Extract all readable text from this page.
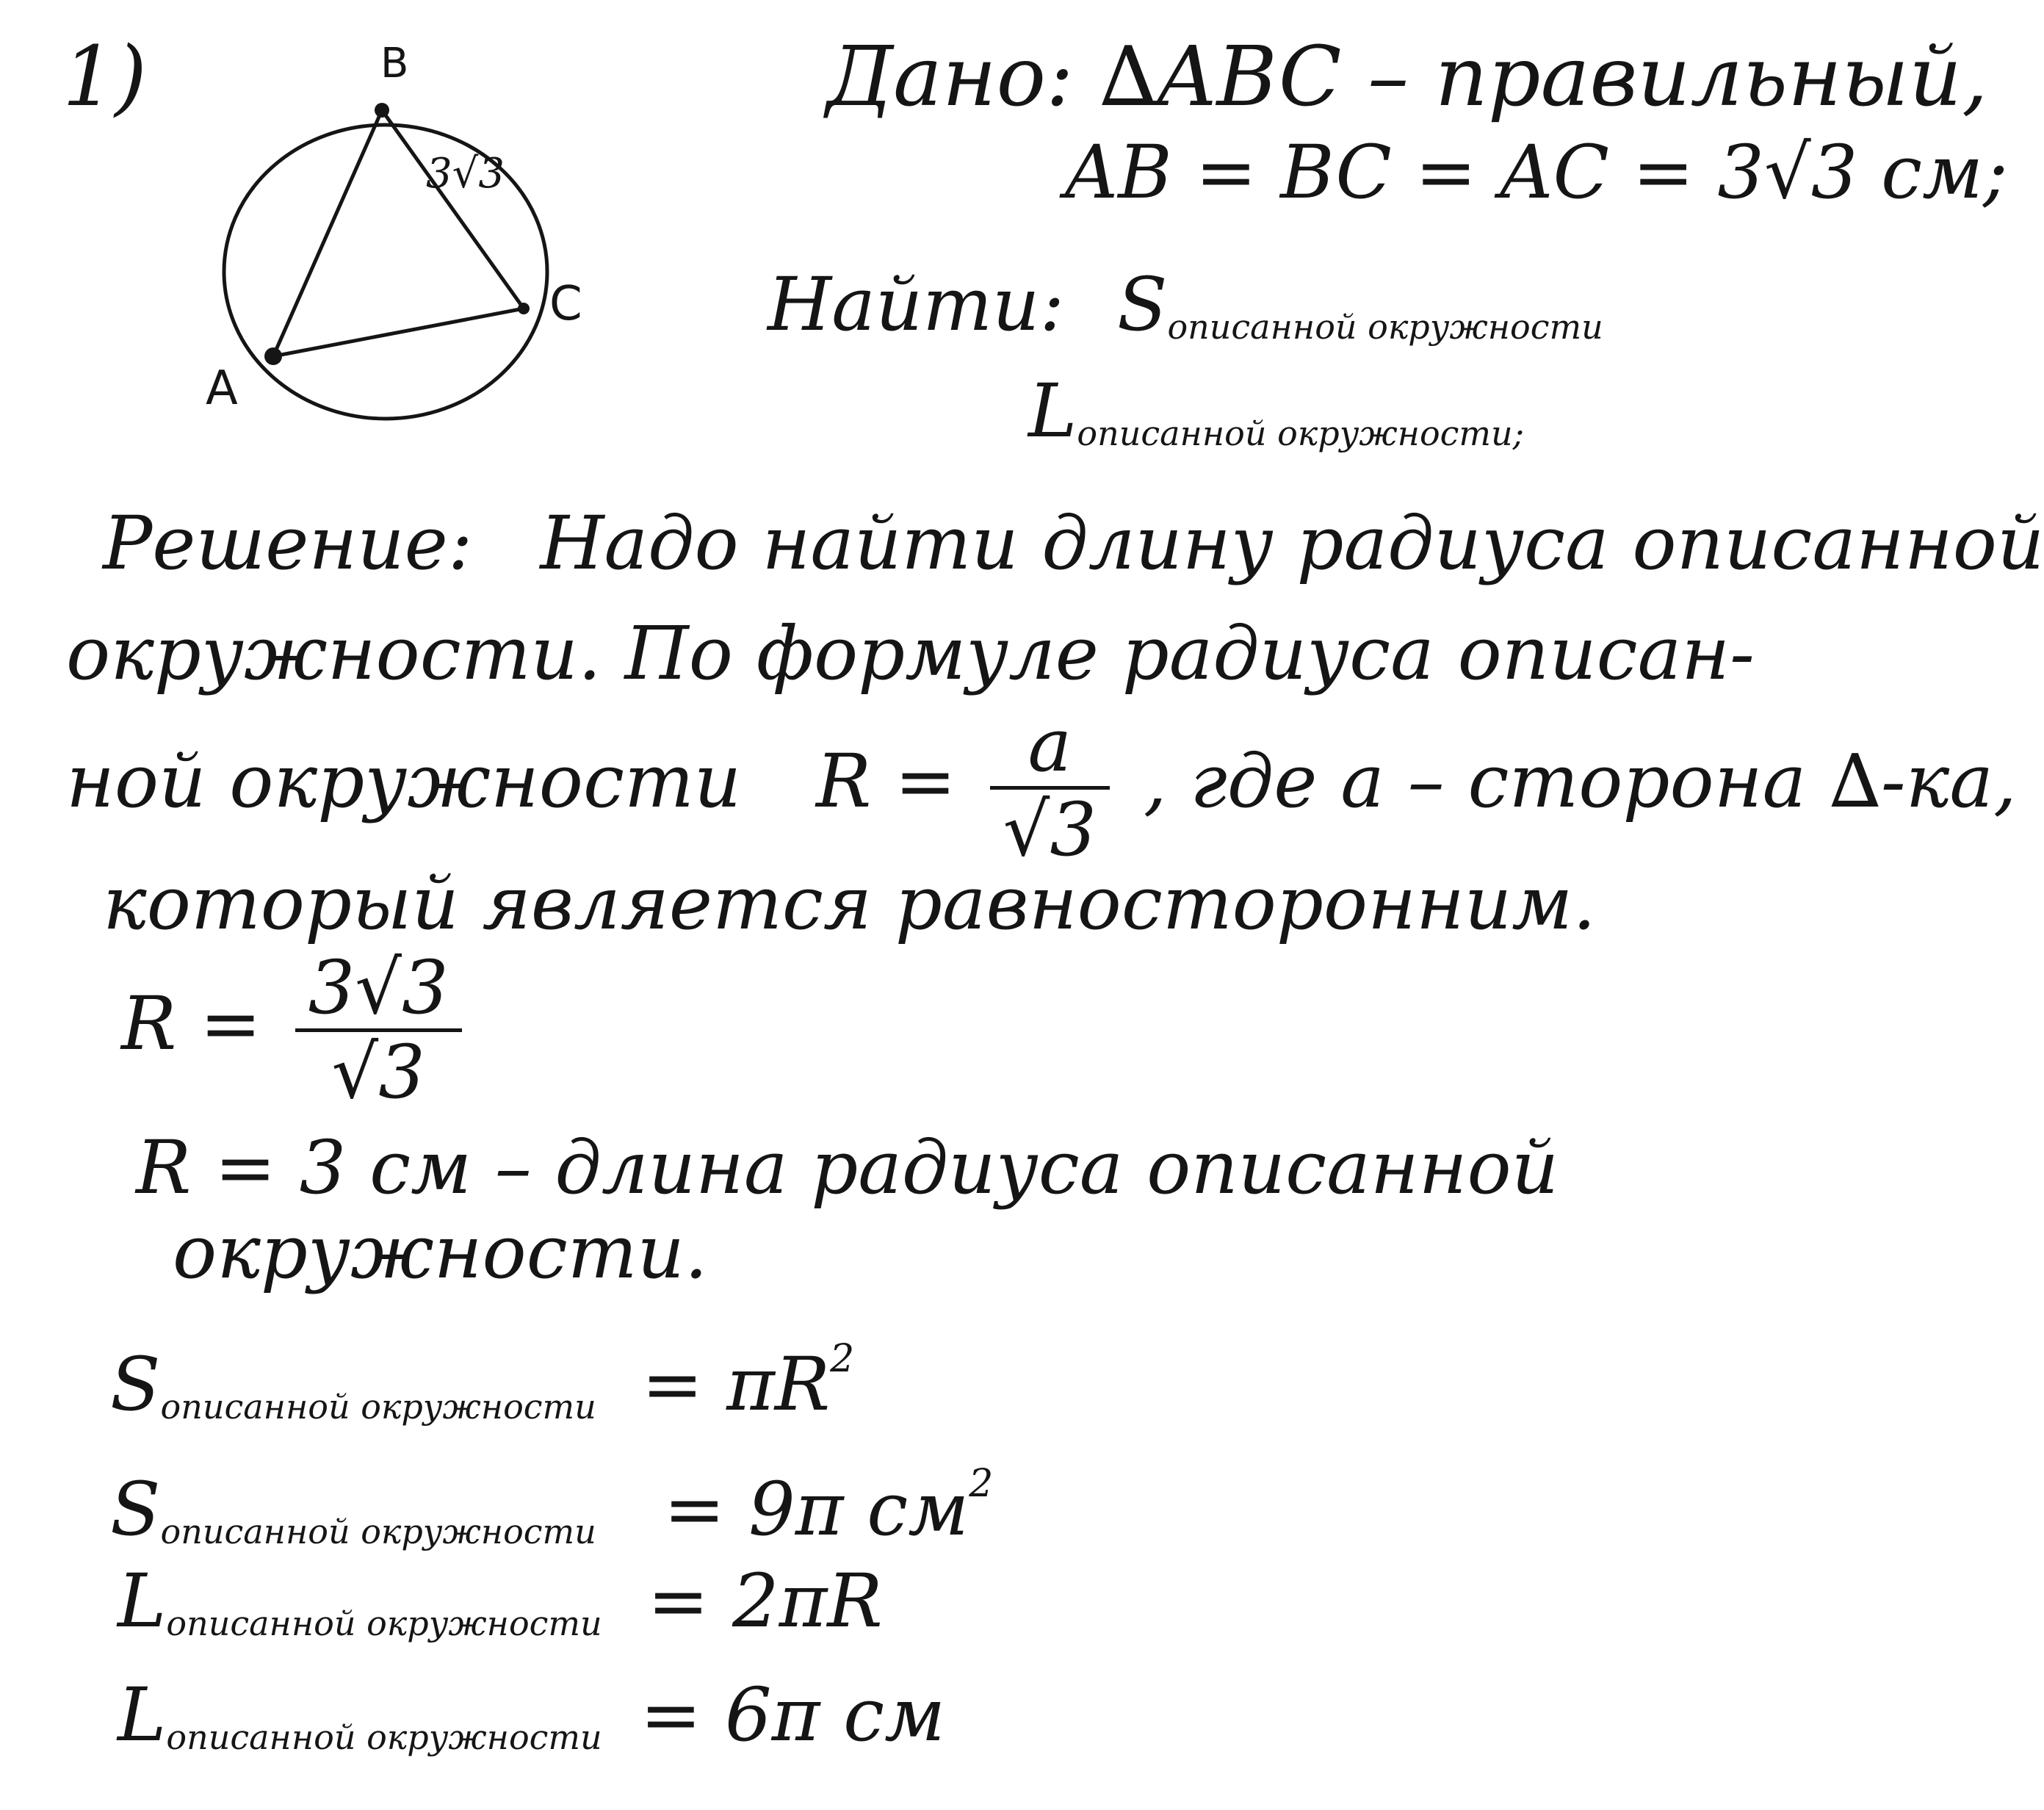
1)	B
C
A
3√3
Дано: ∆ABC – правильный,
AB = BC = AC = 3√3 см;
Найти: $S_{описанной окружности}$
$L_{описанной окружности;}$
Решение: Надо найти длину радиуса описанной
окружности. По формуле радиуса описан-
ной окружности R = a
√3
, где a – сторона ∆-ка,
который является равносторонним.
R = 3√3
√3
R = 3 см – длина радиуса описанной
окружности.
$S_{описанной окружности} = \pi R^2$
$S_{описанной окружности} = 9\pi$ $см^2$
$L_{описанной окружности} = 2\pi R$
$L_{описанной окружности} = 6\pi$ см
